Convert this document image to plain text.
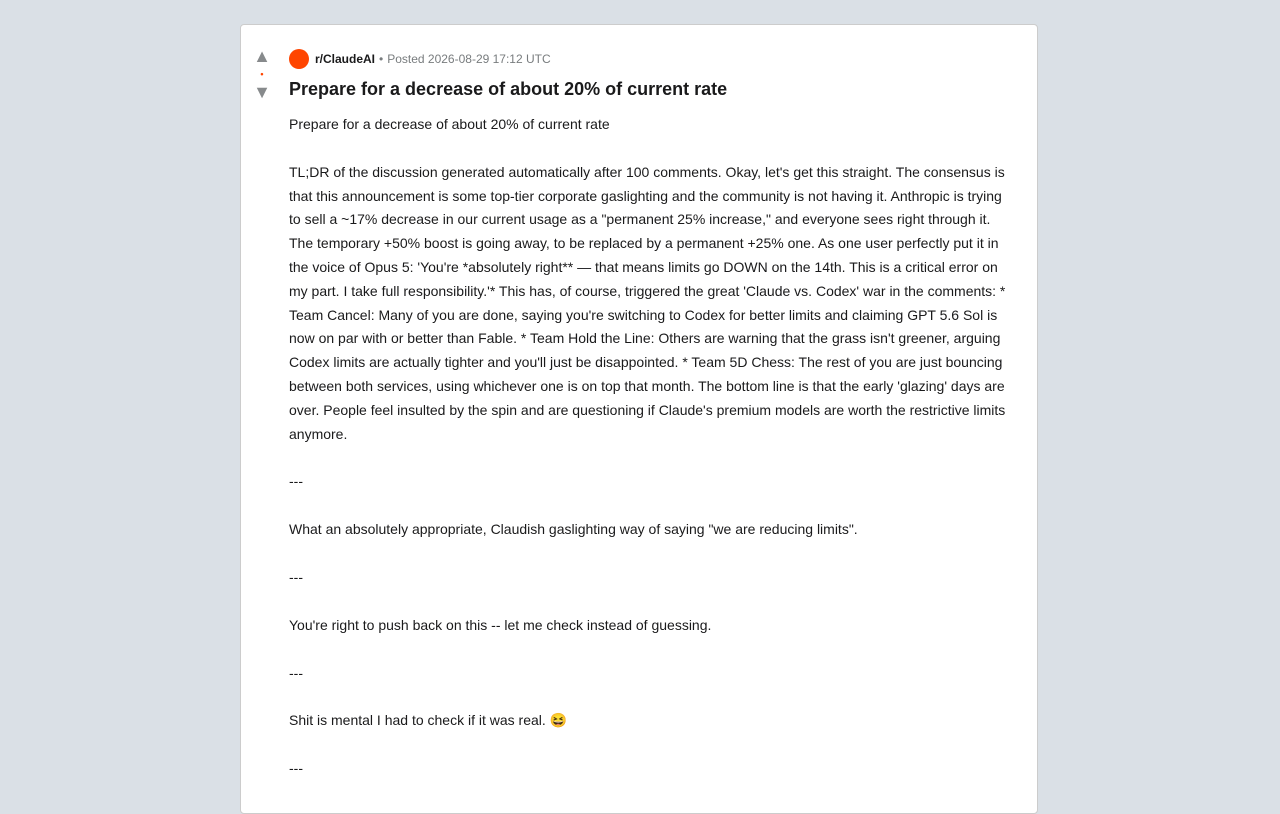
▲
•
▼
r/ClaudeAI • Posted 2026-08-29 17:12 UTC
Prepare for a decrease of about 20% of current rate

Prepare for a decrease of about 20% of current rate

TL;DR of the discussion generated automatically after 100 comments. Okay, let's get this straight. The consensus is that this announcement is some top-tier corporate gaslighting and the community is not having it. Anthropic is trying to sell a ~17% decrease in our current usage as a "permanent 25% increase," and everyone sees right through it. The temporary +50% boost is going away, to be replaced by a permanent +25% one. As one user perfectly put it in the voice of Opus 5: 'You're *absolutely right** — that means limits go DOWN on the 14th. This is a critical error on my part. I take full responsibility.'* This has, of course, triggered the great 'Claude vs. Codex' war in the comments: * Team Cancel: Many of you are done, saying you're switching to Codex for better limits and claiming GPT 5.6 Sol is now on par with or better than Fable. * Team Hold the Line: Others are warning that the grass isn't greener, arguing Codex limits are actually tighter and you'll just be disappointed. * Team 5D Chess: The rest of you are just bouncing between both services, using whichever one is on top that month. The bottom line is that the early 'glazing' days are over. People feel insulted by the spin and are questioning if Claude's premium models are worth the restrictive limits anymore.

---

What an absolutely appropriate, Claudish gaslighting way of saying "we are reducing limits".

---

You're right to push back on this -- let me check instead of guessing.

---

Shit is mental I had to check if it was real. 😆

---
